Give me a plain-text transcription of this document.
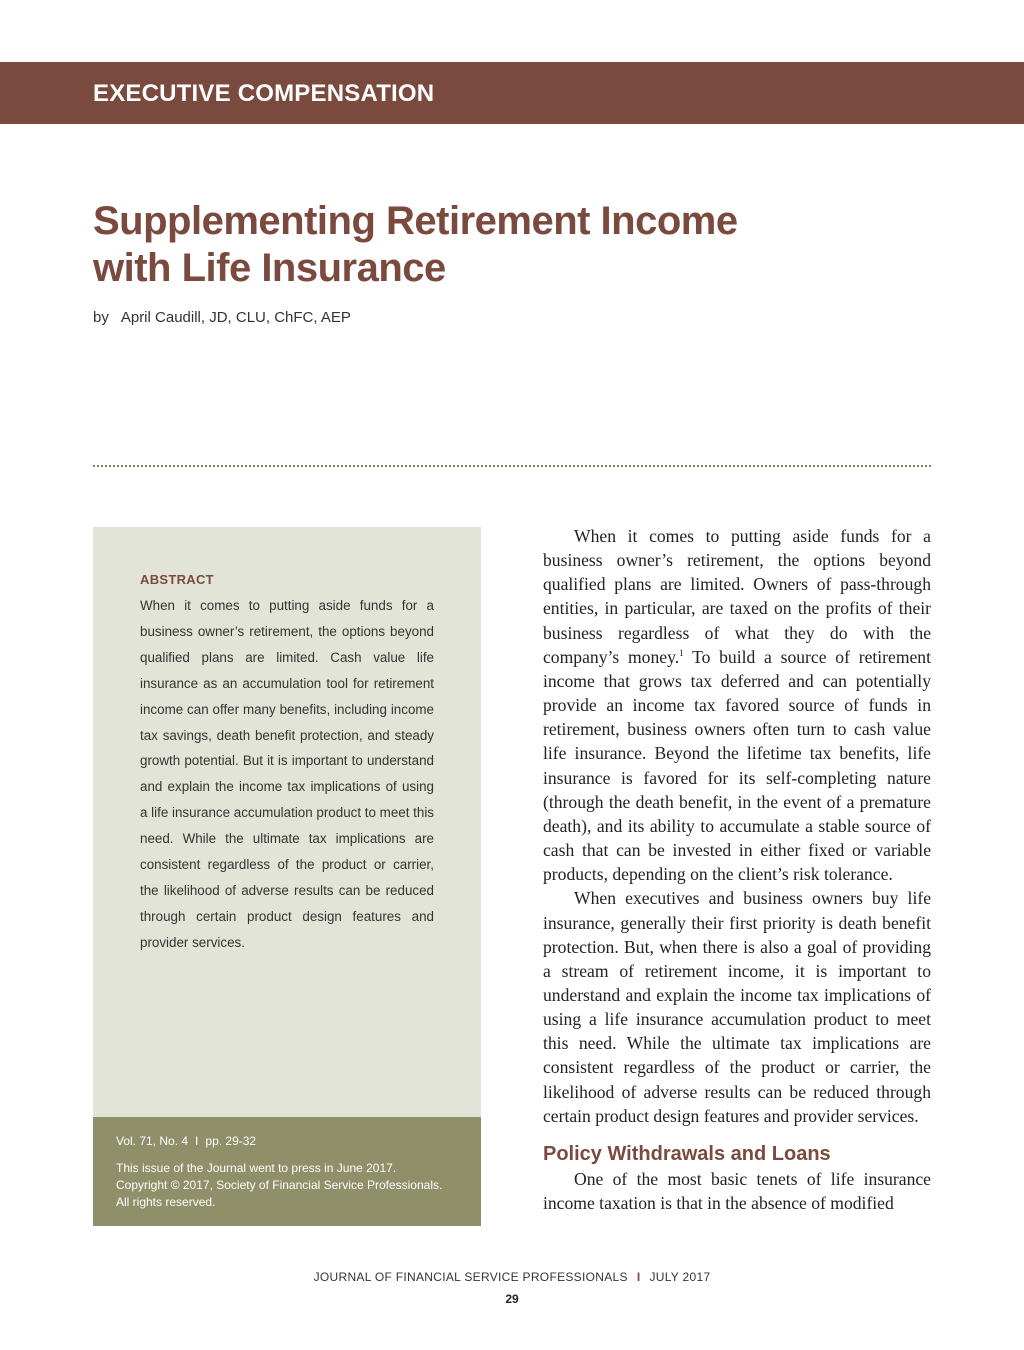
EXECUTIVE COMPENSATION
Supplementing Retirement Income
with Life Insurance
by April Caudill, JD, CLU, ChFC, AEP
ABSTRACT

When it comes to putting aside funds for a business owner’s retirement, the options beyond qualified plans are limited. Cash value life insurance as an accumulation tool for retirement income can offer many benefits, including income tax savings, death benefit protection, and steady growth potential. But it is important to understand and explain the income tax implications of using a life insurance accumulation product to meet this need. While the ultimate tax implications are consistent regardless of the product or carrier, the likelihood of adverse results can be reduced through certain product design features and provider services.

Vol. 71, No. 4 I pp. 29-32

This issue of the Journal went to press in June 2017.
Copyright © 2017, Society of Financial Service Professionals.
All rights reserved.

When it comes to putting aside funds for a business owner’s retirement, the options beyond qualified plans are limited. Owners of pass-through entities, in particular, are taxed on the profits of their business regardless of what they do with the company’s money.$^1$ To build a source of retirement income that grows tax deferred and can potentially provide an income tax favored source of funds in retirement, business owners often turn to cash value life insurance. Beyond the lifetime tax benefits, life insurance is favored for its self-completing nature (through the death benefit, in the event of a premature death), and its ability to accumulate a stable source of cash that can be invested in either fixed or variable products, depending on the client’s risk tolerance.

When executives and business owners buy life insurance, generally their first priority is death benefit protection. But, when there is also a goal of providing a stream of retirement income, it is important to understand and explain the income tax implications of using a life insurance accumulation product to meet this need. While the ultimate tax implications are consistent regardless of the product or carrier, the likelihood of adverse results can be reduced through certain product design features and provider services.

Policy Withdrawals and Loans

One of the most basic tenets of life insurance income taxation is that in the absence of modified

JOURNAL OF FINANCIAL SERVICE PROFESSIONALS I JULY 2017
29
